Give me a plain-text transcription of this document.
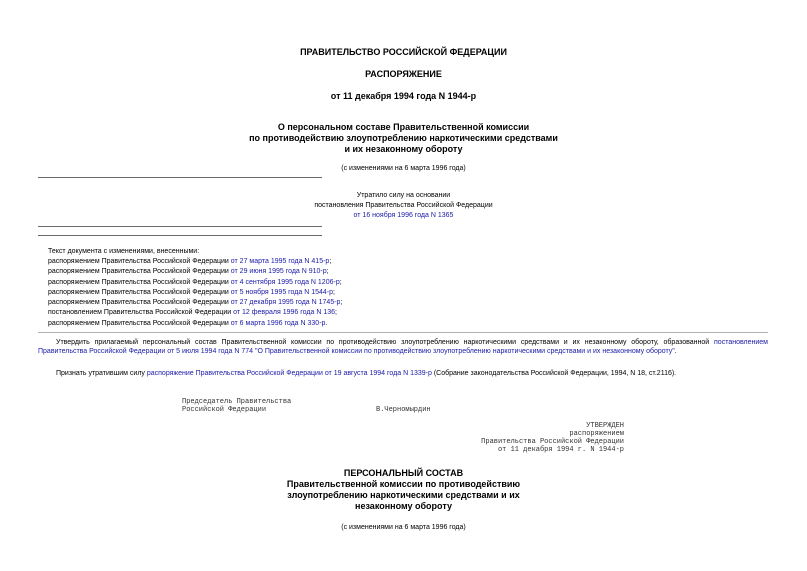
ПРАВИТЕЛЬСТВО РОССИЙСКОЙ ФЕДЕРАЦИИ
РАСПОРЯЖЕНИЕ
от 11 декабря 1994 года N 1944-р
О персональном составе Правительственной комиссии
по противодействию злоупотреблению наркотическими средствами
и их незаконному обороту
(с изменениями на 6 марта 1996 года)
Утратило силу на основании
постановления Правительства Российской Федерации
от 16 ноября 1996 года N 1365
Текст документа с изменениями, внесенными:
распоряжением Правительства Российской Федерации от 27 марта 1995 года N 415-р;
распоряжением Правительства Российской Федерации от 29 июня 1995 года N 910-р;
распоряжением Правительства Российской Федерации от 4 сентября 1995 года N 1206-р;
распоряжением Правительства Российской Федерации от 5 ноября 1995 года N 1544-р;
распоряжением Правительства Российской Федерации от 27 декабря 1995 года N 1745-р;
постановлением Правительства Российской Федерации от 12 февраля 1996 года N 136;
распоряжением Правительства Российской Федерации от 6 марта 1996 года N 330-р.
Утвердить прилагаемый персональный состав Правительственной комиссии по противодействию злоупотреблению наркотическими средствами и их незаконному обороту, образованной постановлением Правительства Российской Федерации от 5 июля 1994 года N 774 "О Правительственной комиссии по противодействию злоупотреблению наркотическими средствами и их незаконному обороту".
Признать утратившим силу распоряжение Правительства Российской Федерации от 19 августа 1994 года N 1339-р (Собрание законодательства Российской Федерации, 1994, N 18, ст.2116).
Председатель Правительства
Российской Федерации	В.Черномырдин
УТВЕРЖДЕН
распоряжением
Правительства Российской Федерации
от 11 декабря 1994 г. N 1944-р
ПЕРСОНАЛЬНЫЙ СОСТАВ
Правительственной комиссии по противодействию
злоупотреблению наркотическими средствами и их
незаконному обороту
(с изменениями на 6 марта 1996 года)
